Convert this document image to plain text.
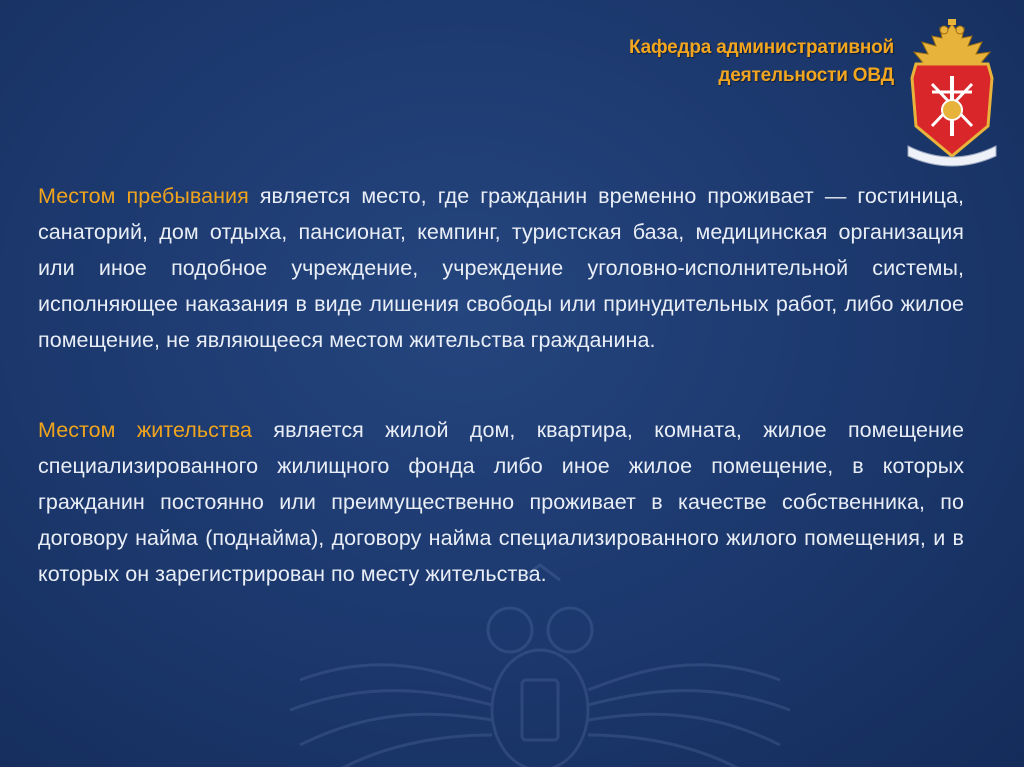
Кафедра административной
деятельности ОВД

Местом пребывания является место, где гражданин временно проживает — гостиница, санаторий, дом отдыха, пансионат, кемпинг, туристская база, медицинская организация или иное подобное учреждение, учреждение уголовно-исполнительной системы, исполняющее наказания в виде лишения свободы или принудительных работ, либо жилое помещение, не являющееся местом жительства гражданина.

Местом жительства является жилой дом, квартира, комната, жилое помещение специализированного жилищного фонда либо иное жилое помещение, в которых гражданин постоянно или преимущественно проживает в качестве собственника, по договору найма (поднайма), договору найма специализированного жилого помещения, и в которых он зарегистрирован по месту жительства.
